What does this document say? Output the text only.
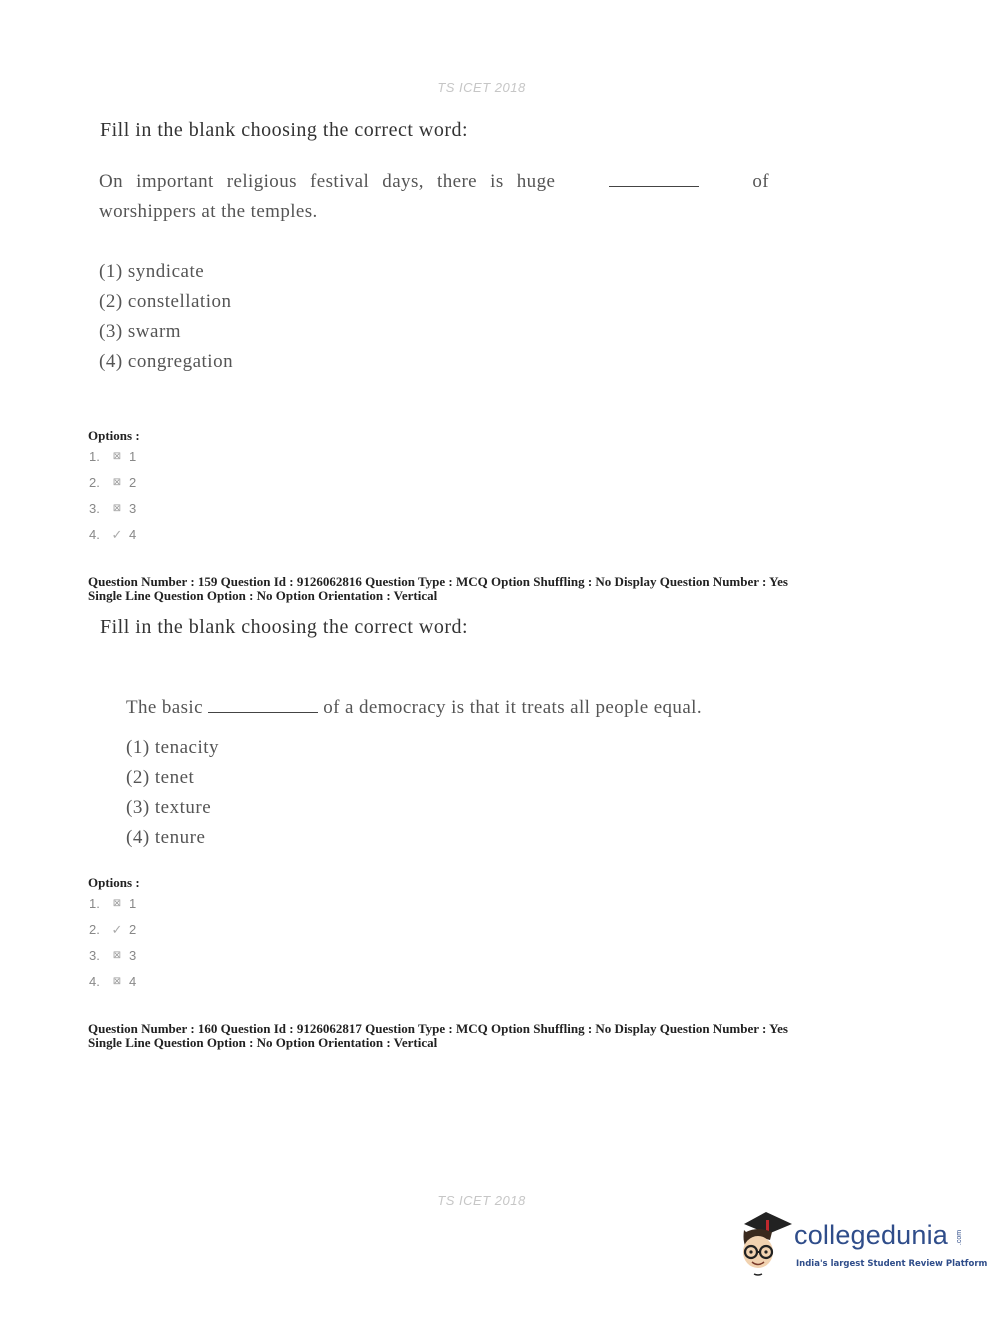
TS ICET 2018
Fill in the blank choosing the correct word:
On important religious festival days, there is huge	of
worshippers at the temples.
(1) syndicate
(2) constellation
(3) swarm
(4) congregation
Options :
1.	⊠ 1
2.	⊠ 2
3.	⊠ 3
4. ✓ 4
Question Number : 159 Question Id : 9126062816 Question Type : MCQ Option Shuffling : No Display Question Number : Yes
Single Line Question Option : No Option Orientation : Vertical
Fill in the blank choosing the correct word:
The basic	of a democracy is that it treats all people equal.
(1) tenacity
(2) tenet
(3) texture
(4) tenure
Options :
1.	⊠ 1
2. ✓ 2
3.	⊠ 3
4.	⊠ 4
Question Number : 160 Question Id : 9126062817 Question Type : MCQ Option Shuffling : No Display Question Number : Yes
Single Line Question Option : No Option Orientation : Vertical
TS ICET 2018
collegedunia .com
India's largest Student Review Platform
